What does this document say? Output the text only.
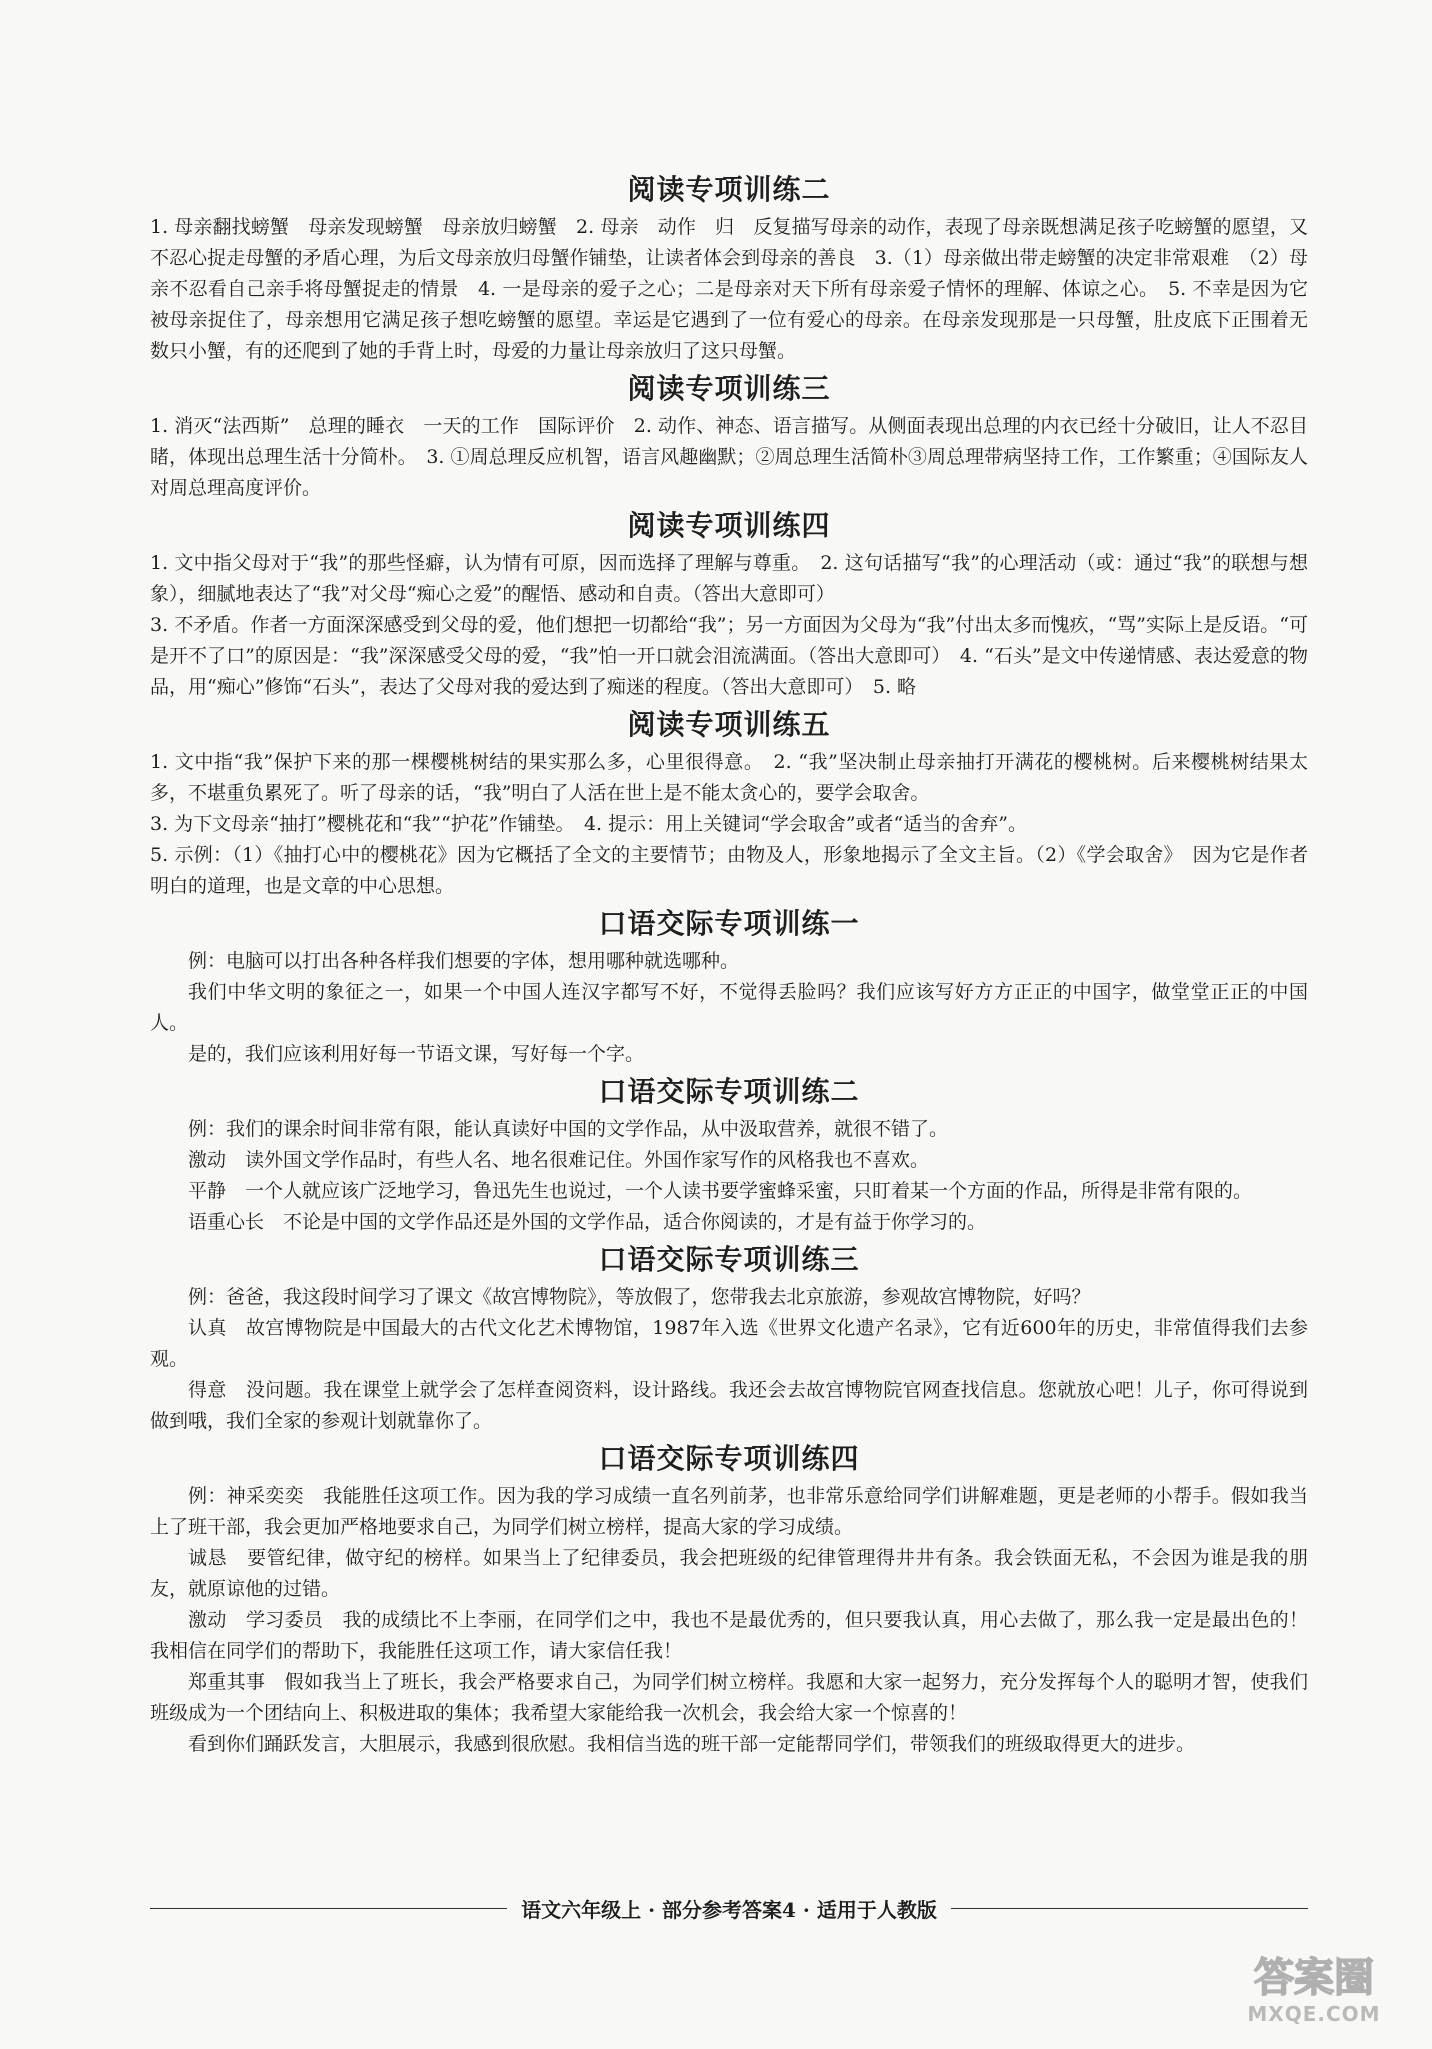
阅读专项训练二

1. 母亲翻找螃蟹　母亲发现螃蟹　母亲放归螃蟹　2. 母亲　动作　归　反复描写母亲的动作，表现了母亲既想满足孩子吃螃蟹的愿望，又不忍心捉走母蟹的矛盾心理，为后文母亲放归母蟹作铺垫，让读者体会到母亲的善良　3.（1）母亲做出带走螃蟹的决定非常艰难　（2）母亲不忍看自己亲手将母蟹捉走的情景　4. 一是母亲的爱子之心；二是母亲对天下所有母亲爱子情怀的理解、体谅之心。　5. 不幸是因为它被母亲捉住了，母亲想用它满足孩子想吃螃蟹的愿望。幸运是它遇到了一位有爱心的母亲。在母亲发现那是一只母蟹，肚皮底下正围着无数只小蟹，有的还爬到了她的手背上时，母爱的力量让母亲放归了这只母蟹。

阅读专项训练三

1. 消灭“法西斯”　总理的睡衣　一天的工作　国际评价　2. 动作、神态、语言描写。从侧面表现出总理的内衣已经十分破旧，让人不忍目睹，体现出总理生活十分简朴。　3. ①周总理反应机智，语言风趣幽默；②周总理生活简朴③周总理带病坚持工作，工作繁重；④国际友人对周总理高度评价。

阅读专项训练四

1. 文中指父母对于“我”的那些怪癖，认为情有可原，因而选择了理解与尊重。　2. 这句话描写“我”的心理活动（或：通过“我”的联想与想象），细腻地表达了“我”对父母“痴心之爱”的醒悟、感动和自责。（答出大意即可）

3. 不矛盾。作者一方面深深感受到父母的爱，他们想把一切都给“我”；另一方面因为父母为“我”付出太多而愧疚，“骂”实际上是反语。“可是开不了口”的原因是：“我”深深感受父母的爱，“我”怕一开口就会泪流满面。（答出大意即可）　4. “石头”是文中传递情感、表达爱意的物品，用“痴心”修饰“石头”，表达了父母对我的爱达到了痴迷的程度。（答出大意即可）　5. 略

阅读专项训练五

1. 文中指“我”保护下来的那一棵樱桃树结的果实那么多，心里很得意。　2. “我”坚决制止母亲抽打开满花的樱桃树。后来樱桃树结果太多，不堪重负累死了。听了母亲的话，“我”明白了人活在世上是不能太贪心的，要学会取舍。

3. 为下文母亲“抽打”樱桃花和“我”“护花”作铺垫。　4. 提示：用上关键词“学会取舍”或者“适当的舍弃”。

5. 示例：（1）《抽打心中的樱桃花》因为它概括了全文的主要情节；由物及人，形象地揭示了全文主旨。（2）《学会取舍》　因为它是作者明白的道理，也是文章的中心思想。

口语交际专项训练一

例：电脑可以打出各种各样我们想要的字体，想用哪种就选哪种。

我们中华文明的象征之一，如果一个中国人连汉字都写不好，不觉得丢脸吗？我们应该写好方方正正的中国字，做堂堂正正的中国人。

是的，我们应该利用好每一节语文课，写好每一个字。

口语交际专项训练二

例：我们的课余时间非常有限，能认真读好中国的文学作品，从中汲取营养，就很不错了。

激动　读外国文学作品时，有些人名、地名很难记住。外国作家写作的风格我也不喜欢。

平静　一个人就应该广泛地学习，鲁迅先生也说过，一个人读书要学蜜蜂采蜜，只盯着某一个方面的作品，所得是非常有限的。

语重心长　不论是中国的文学作品还是外国的文学作品，适合你阅读的，才是有益于你学习的。

口语交际专项训练三

例：爸爸，我这段时间学习了课文《故宫博物院》，等放假了，您带我去北京旅游，参观故宫博物院，好吗？

认真　故宫博物院是中国最大的古代文化艺术博物馆，1987年入选《世界文化遗产名录》，它有近600年的历史，非常值得我们去参观。

得意　没问题。我在课堂上就学会了怎样查阅资料，设计路线。我还会去故宫博物院官网查找信息。您就放心吧！儿子，你可得说到做到哦，我们全家的参观计划就靠你了。

口语交际专项训练四

例：神采奕奕　我能胜任这项工作。因为我的学习成绩一直名列前茅，也非常乐意给同学们讲解难题，更是老师的小帮手。假如我当上了班干部，我会更加严格地要求自己，为同学们树立榜样，提高大家的学习成绩。

诚恳　要管纪律，做守纪的榜样。如果当上了纪律委员，我会把班级的纪律管理得井井有条。我会铁面无私，不会因为谁是我的朋友，就原谅他的过错。

激动　学习委员　我的成绩比不上李丽，在同学们之中，我也不是最优秀的，但只要我认真，用心去做了，那么我一定是最出色的！我相信在同学们的帮助下，我能胜任这项工作，请大家信任我！

郑重其事　假如我当上了班长，我会严格要求自己，为同学们树立榜样。我愿和大家一起努力，充分发挥每个人的聪明才智，使我们班级成为一个团结向上、积极进取的集体；我希望大家能给我一次机会，我会给大家一个惊喜的！

看到你们踊跃发言，大胆展示，我感到很欣慰。我相信当选的班干部一定能帮同学们，带领我们的班级取得更大的进步。

语文六年级上 · 部分参考答案4 · 适用于人教版
答案圈
MXQE.COM
